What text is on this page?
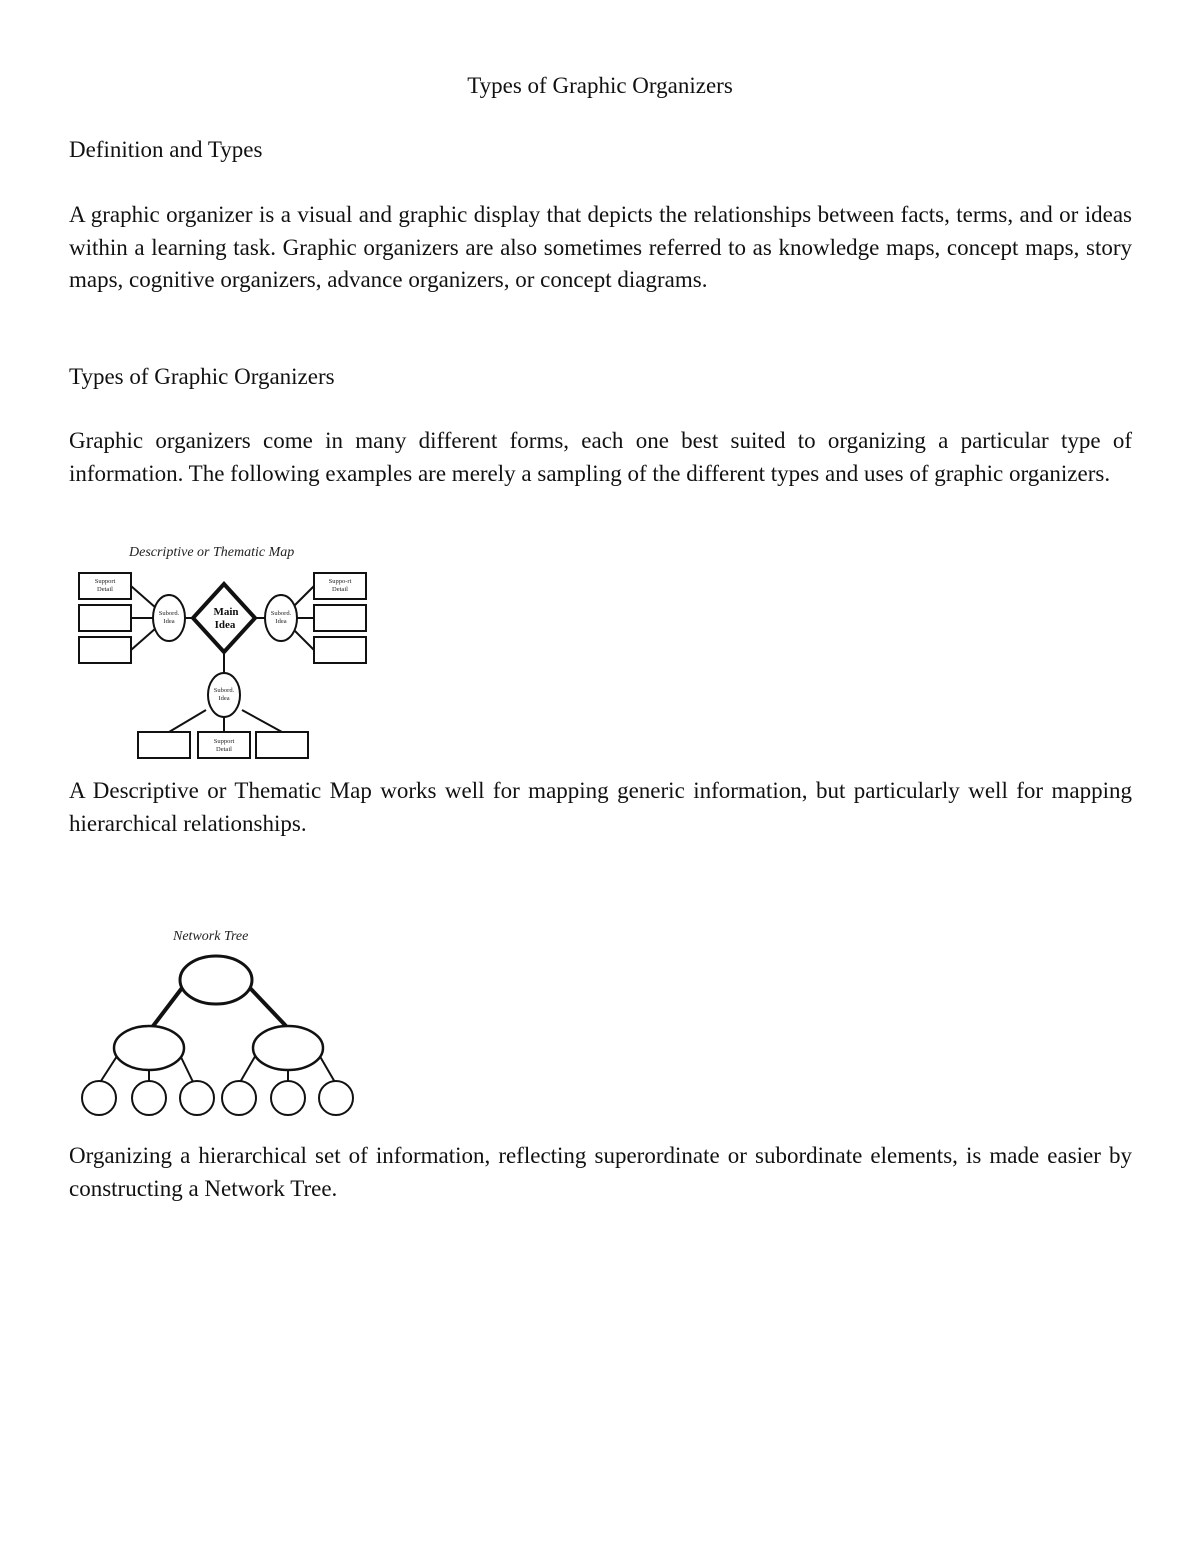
Types of Graphic Organizers
Definition and Types
A graphic organizer is a visual and graphic display that depicts the relationships between facts, terms, and or ideas within a learning task. Graphic organizers are also sometimes referred to as knowledge maps, concept maps, story maps, cognitive organizers, advance organizers, or concept diagrams.
Types of Graphic Organizers
Graphic organizers come in many different forms, each one best suited to organizing a particular type of information. The following examples are merely a sampling of the different types and uses of graphic organizers.
Descriptive or Thematic Map
Support
Detail
Subord.
Idea
Main
Idea
Subord.
Idea
Suppo-rt
Detail
Subord.
Idea
Support
Detail
A Descriptive or Thematic Map works well for mapping generic information, but particularly well for mapping hierarchical relationships.
Network Tree
Organizing a hierarchical set of information, reflecting superordinate or subordinate elements, is made easier by constructing a Network Tree.
